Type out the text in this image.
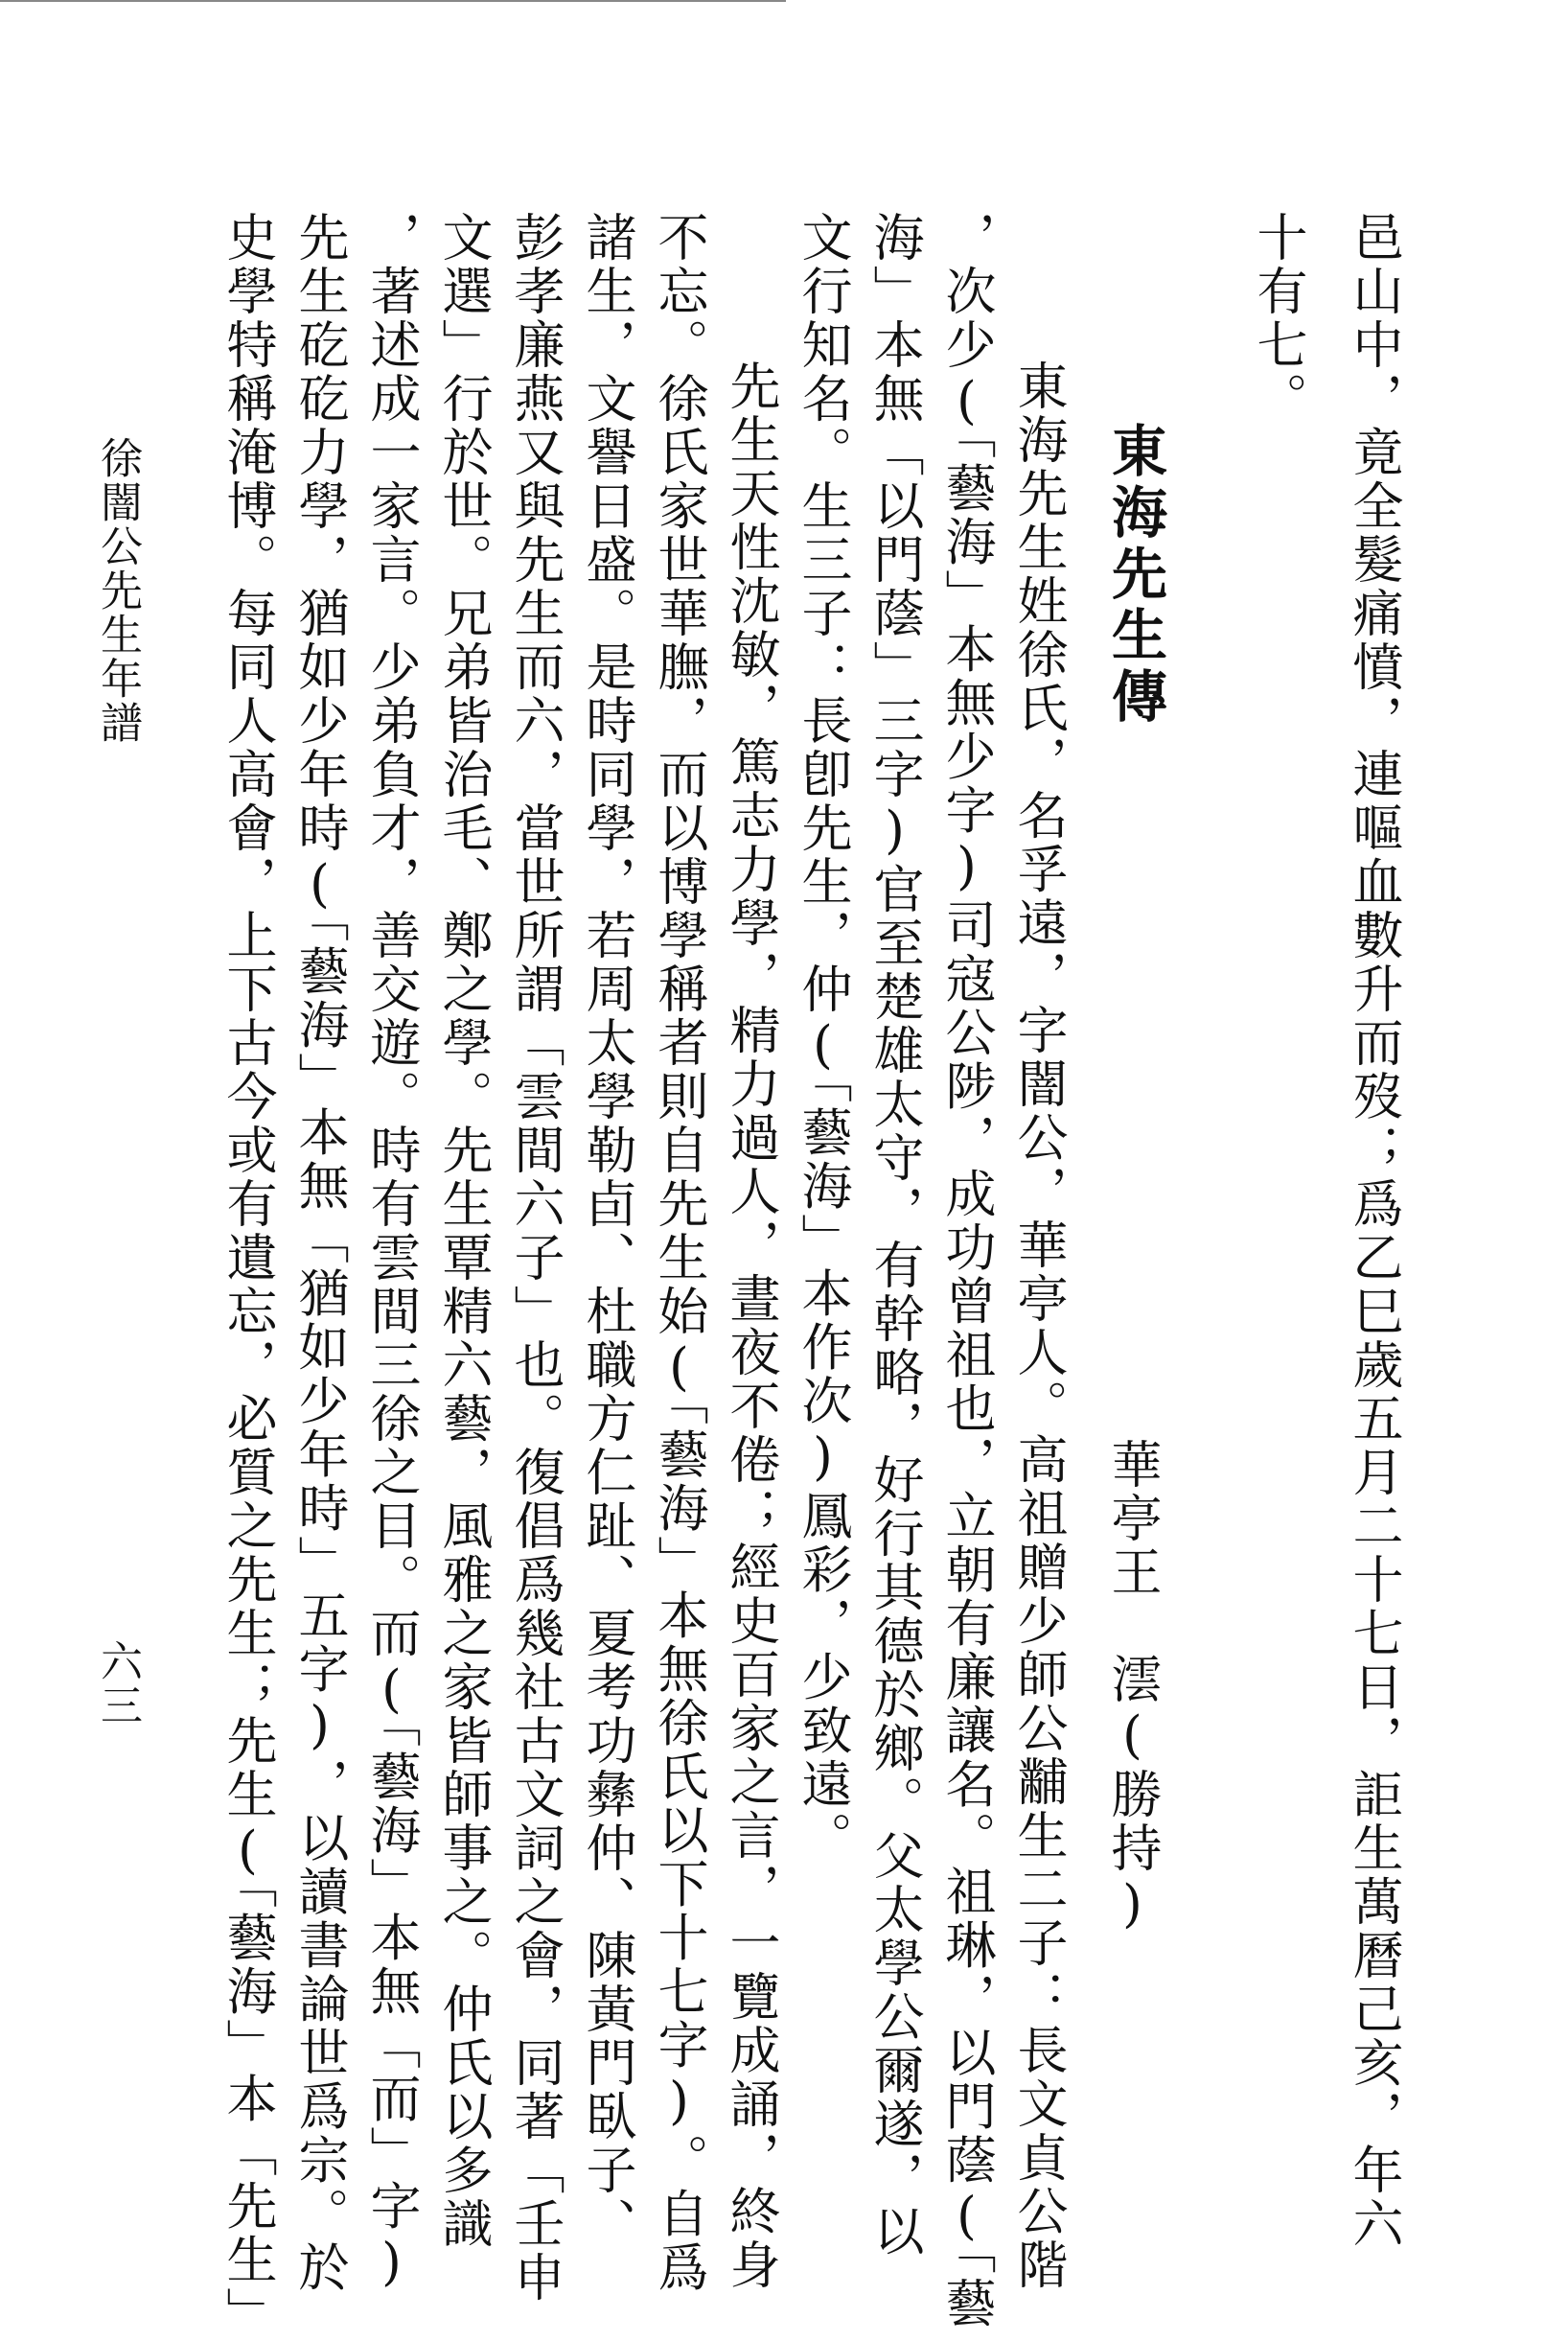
邑山中，竟全髮痛憤，連嘔血數升而歿；爲乙巳歲五月二十七日，詎生萬曆己亥，年六
十有七。
東海先生傳
華亭王　澐(勝持)
東海先生姓徐氏，名孚遠，字闇公，華亭人。高祖贈少師公黼生二子：長文貞公階
，次少(「藝海」本無少字)司寇公陟，成功曾祖也，立朝有廉讓名。祖琳，以門蔭(「藝
海」本無「以門蔭」三字)官至楚雄太守，有幹略，好行其德於鄉。父太學公爾遂，以
文行知名。生三子：長卽先生，仲(「藝海」本作次)鳳彩，少致遠。
先生天性沈敏，篤志力學，精力過人，晝夜不倦；經史百家之言，一覽成誦，終身
不忘。徐氏家世華膴，而以博學稱者則自先生始(「藝海」本無徐氏以下十七字)。自爲
諸生，文譽日盛。是時同學，若周太學勒卣、杜職方仁趾、夏考功彝仲、陳黃門臥子、
彭孝廉燕又與先生而六，當世所謂「雲間六子」也。復倡爲幾社古文詞之會，同著「壬申
文選」行於世。兄弟皆治毛、鄭之學。先生覃精六藝，風雅之家皆師事之。仲氏以多識
，著述成一家言。少弟負才，善交遊。時有雲間三徐之目。而(「藝海」本無「而」字)
先生矻矻力學，猶如少年時(「藝海」本無「猶如少年時」五字)，以讀書論世爲宗。於
史學特稱淹博。每同人高會，上下古今或有遺忘，必質之先生；先生(「藝海」本「先生」
徐闇公先生年譜
六三
